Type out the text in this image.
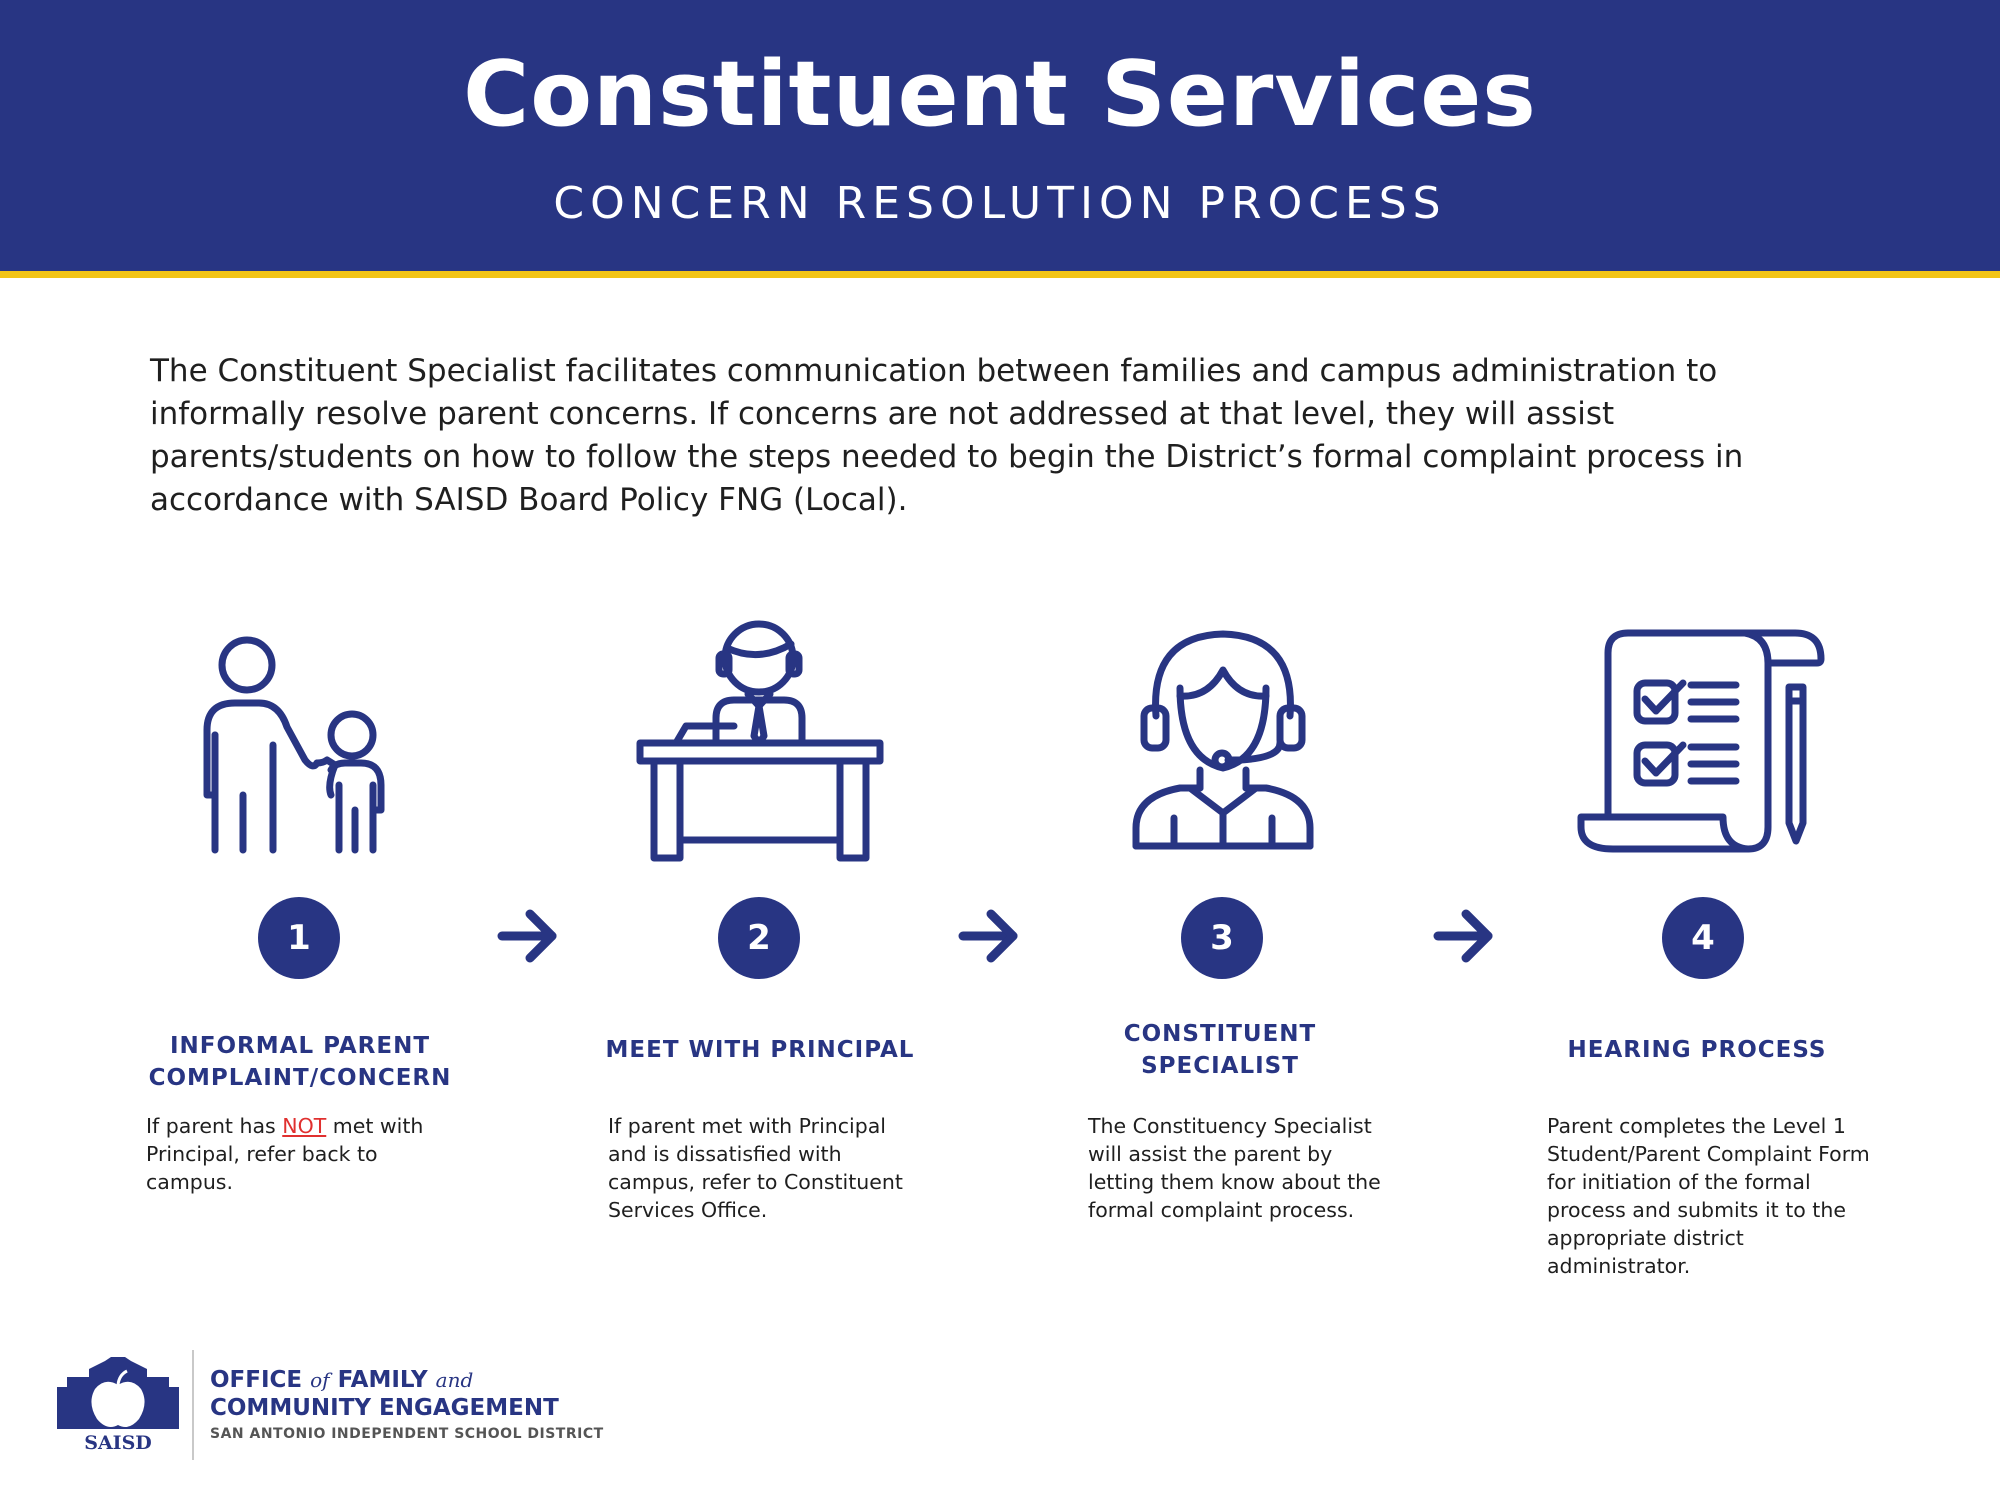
Constituent Services
CONCERN RESOLUTION PROCESS

The Constituent Specialist facilitates communication between families and campus administration to informally resolve parent concerns. If concerns are not addressed at that level, they will assist parents/students on how to follow the steps needed to begin the District’s formal complaint process in accordance with SAISD Board Policy FNG (Local).

1	2	3	4
INFORMAL PARENT
COMPLAINT/CONCERN
MEET WITH PRINCIPAL
CONSTITUENT
SPECIALIST
HEARING PROCESS
If parent has NOT met with Principal, refer back to campus.
If parent met with Principal and is dissatisfied with campus, refer to Constituent Services Office.
The Constituency Specialist will assist the parent by letting them know about the formal complaint process.
Parent completes the Level 1 Student/Parent Complaint Form for initiation of the formal process and submits it to the appropriate district administrator.
SAISD
OFFICE of FAMILY and
COMMUNITY ENGAGEMENT
SAN ANTONIO INDEPENDENT SCHOOL DISTRICT
